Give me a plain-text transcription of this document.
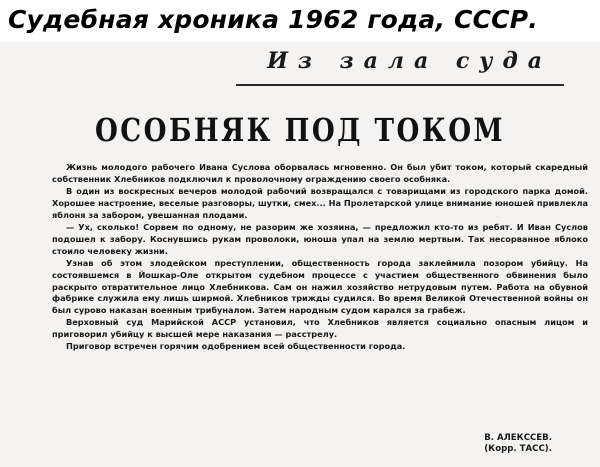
Судебная хроника 1962 года, СССР.
Из зала суда
ОСОБНЯК ПОД ТОКОМ

Жизнь молодого рабочего Ивана Суслова оборвалась мгновенно. Он был убит током, который скаредный собственник Хлебников подключил к проволочному ограждению своего особняка.

В один из воскресных вечеров молодой рабочий возвращался с товарищами из городского парка домой. Хорошее настроение, веселые разговоры, шутки, смех... На Пролетарской улице внимание юношей привлекла яблоня за забором, увешанная плодами.

— Ух, сколько! Сорвем по одному, не разорим же хозяина, — предложил кто-то из ребят. И Иван Суслов подошел к забору. Коснувшись рукам проволоки, юноша упал на землю мертвым. Так несорванное яблоко стоило человеку жизни.

Узнав об этом злодейском преступлении, общественность города заклеймила позором убийцу. На состоявшемся в Йошкар-Оле открытом судебном процессе с участием общественного обвинения было раскрыто отвратительное лицо Хлебникова. Сам он нажил хозяйство нетрудовым путем. Работа на обувной фабрике служила ему лишь ширмой. Хлебников трижды судился. Во время Великой Отечественной войны он был сурово наказан военным трибуналом. Затем народным судом карался за грабеж.

Верховный суд Марийской АССР установил, что Хлебников является социально опасным лицом и приговорил убийцу к высшей мере наказания — расстрелу.

Приговор встречен горячим одобрением всей общественности города.

В. АЛЕКССЕВ.
(Корр. ТАСС).
